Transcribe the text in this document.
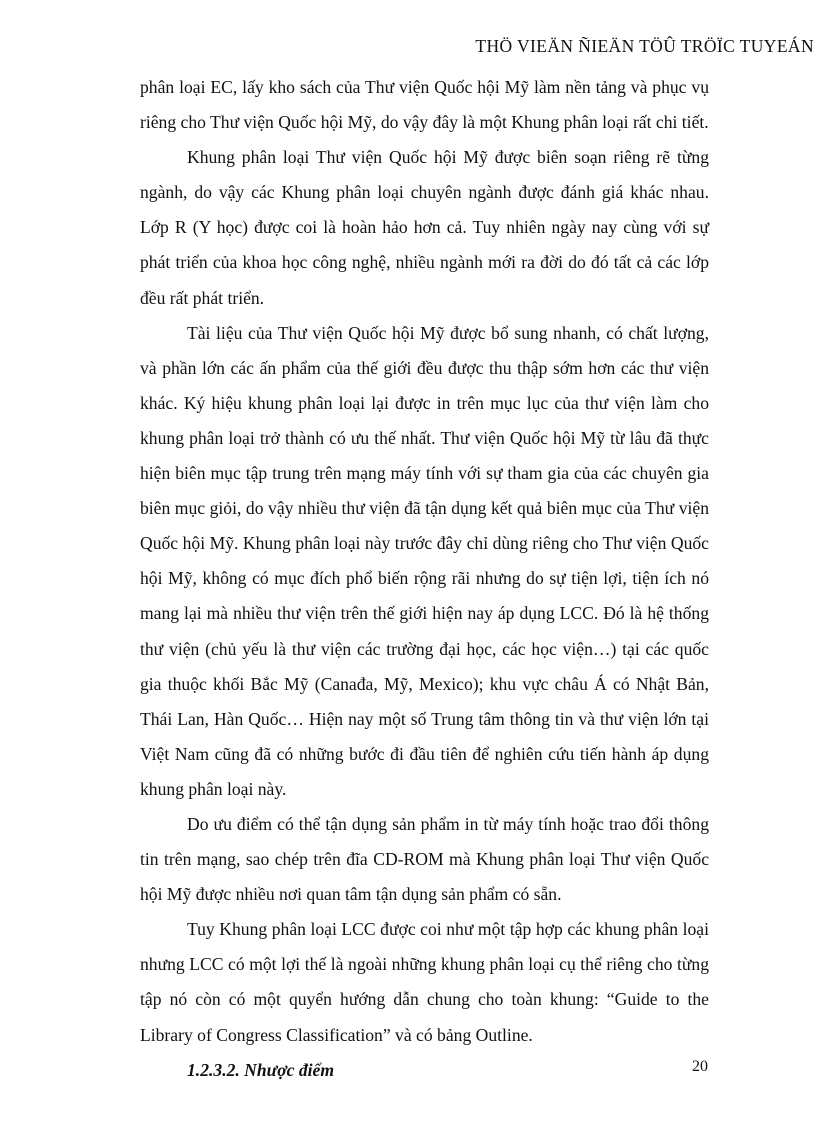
THÖ VIEÄN ÑIEÄN TÖÛ TRÖÏC TUYEÁN

phân loại EC, lấy kho sách của Thư viện Quốc hội Mỹ làm nền tảng và phục vụ riêng cho Thư viện Quốc hội Mỹ, do vậy đây là một Khung phân loại rất chi tiết.

Khung phân loại Thư viện Quốc hội Mỹ được biên soạn riêng rẽ từng ngành, do vậy các Khung phân loại chuyên ngành được đánh giá khác nhau. Lớp R (Y học) được coi là hoàn hảo hơn cả. Tuy nhiên ngày nay cùng với sự phát triển của khoa học công nghệ, nhiều ngành mới ra đời do đó tất cả các lớp đều rất phát triển.

Tài liệu của Thư viện Quốc hội Mỹ được bổ sung nhanh, có chất lượng, và phần lớn các ấn phẩm của thế giới đều được thu thập sớm hơn các thư viện khác. Ký hiệu khung phân loại lại được in trên mục lục của thư viện làm cho khung phân loại trở thành có ưu thế nhất. Thư viện Quốc hội Mỹ từ lâu đã thực hiện biên mục tập trung trên mạng máy tính với sự tham gia của các chuyên gia biên mục giỏi, do vậy nhiều thư viện đã tận dụng kết quả biên mục của Thư viện Quốc hội Mỹ. Khung phân loại này trước đây chỉ dùng riêng cho Thư viện Quốc hội Mỹ, không có mục đích phổ biến rộng rãi nhưng do sự tiện lợi, tiện ích nó mang lại mà nhiều thư viện trên thế giới hiện nay áp dụng LCC. Đó là hệ thống thư viện (chủ yếu là thư viện các trường đại học, các học viện…) tại các quốc gia thuộc khối Bắc Mỹ (Canađa, Mỹ, Mexico); khu vực châu Á có Nhật Bản, Thái Lan, Hàn Quốc… Hiện nay một số Trung tâm thông tin và thư viện lớn tại Việt Nam cũng đã có những bước đi đầu tiên để nghiên cứu tiến hành áp dụng khung phân loại này.

Do ưu điểm có thể tận dụng sản phẩm in từ máy tính hoặc trao đổi thông tin trên mạng, sao chép trên đĩa CD-ROM mà Khung phân loại Thư viện Quốc hội Mỹ được nhiều nơi quan tâm tận dụng sản phẩm có sẵn.

Tuy Khung phân loại LCC được coi như một tập hợp các khung phân loại nhưng LCC có một lợi thế là ngoài những khung phân loại cụ thể riêng cho từng tập nó còn có một quyển hướng dẫn chung cho toàn khung: “Guide to the Library of Congress Classification” và có bảng Outline.

1.2.3.2. Nhược điểm	20
